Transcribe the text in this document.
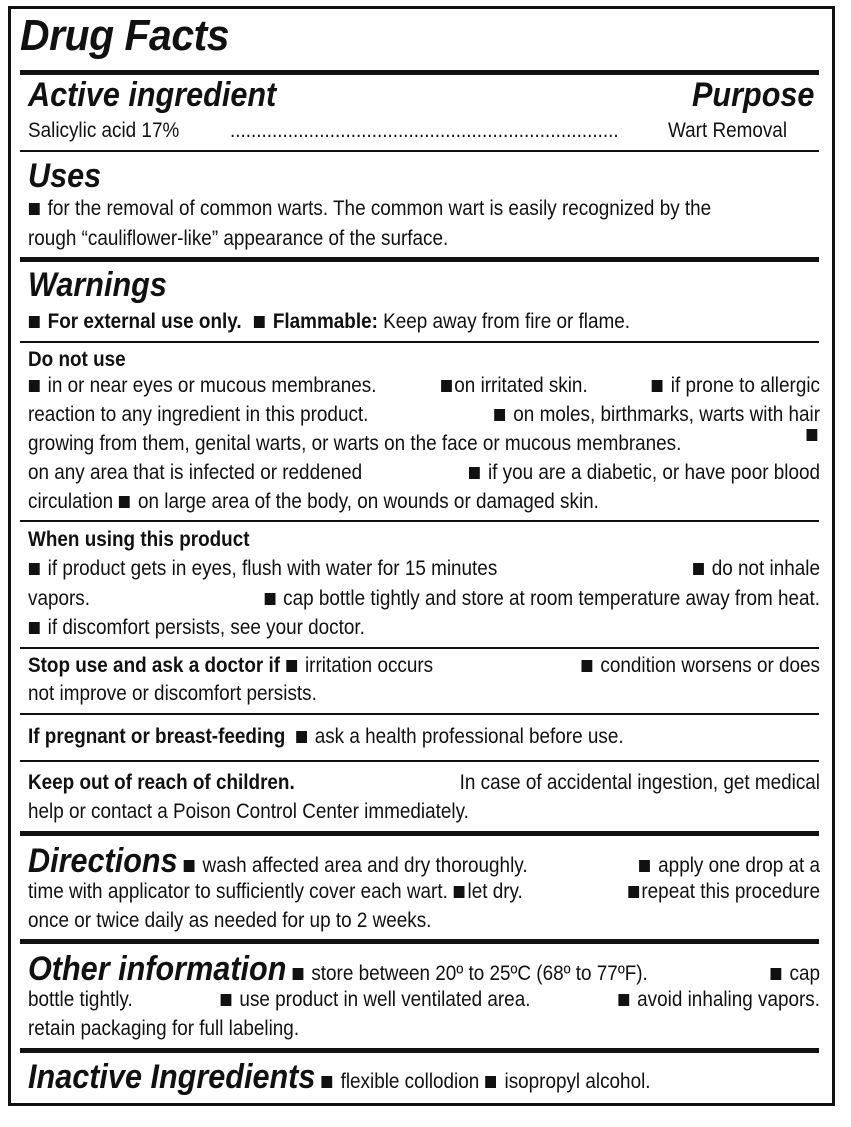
Drug Facts
Active ingredient	Purpose
Salicylic acid 17% .......................................................................... Wart Removal
Uses
for the removal of common warts. The common wart is easily recognized by the
rough “cauliflower-like” appearance of the surface.
Warnings
For external use only. Flammable: Keep away from fire or flame.
Do not use
in or near eyes or mucous membranes.	on irritated skin.	if prone to allergic
reaction to any ingredient in this product.	on moles, birthmarks, warts with hair
growing from them, genital warts, or warts on the face or mucous membranes.
on any area that is infected or reddened	if you are a diabetic, or have poor blood
circulation on large area of the body, on wounds or damaged skin.
When using this product
if product gets in eyes, flush with water for 15 minutes	do not inhale
vapors.	cap bottle tightly and store at room temperature away from heat.
if discomfort persists, see your doctor.
Stop use and ask a doctor if irritation occurs	condition worsens or does
not improve or discomfort persists.
If pregnant or breast-feeding ask a health professional before use.
Keep out of reach of children.	In case of accidental ingestion, get medical
help or contact a Poison Control Center immediately.
Directions wash affected area and dry thoroughly.	apply one drop at a
time with applicator to sufficiently cover each wart. let dry.	repeat this procedure
once or twice daily as needed for up to 2 weeks.
Other information store between 20º to 25ºC (68º to 77ºF).	cap
bottle tightly.	use product in well ventilated area.	avoid inhaling vapors.
retain packaging for full labeling.
Inactive Ingredients flexible collodion isopropyl alcohol.
